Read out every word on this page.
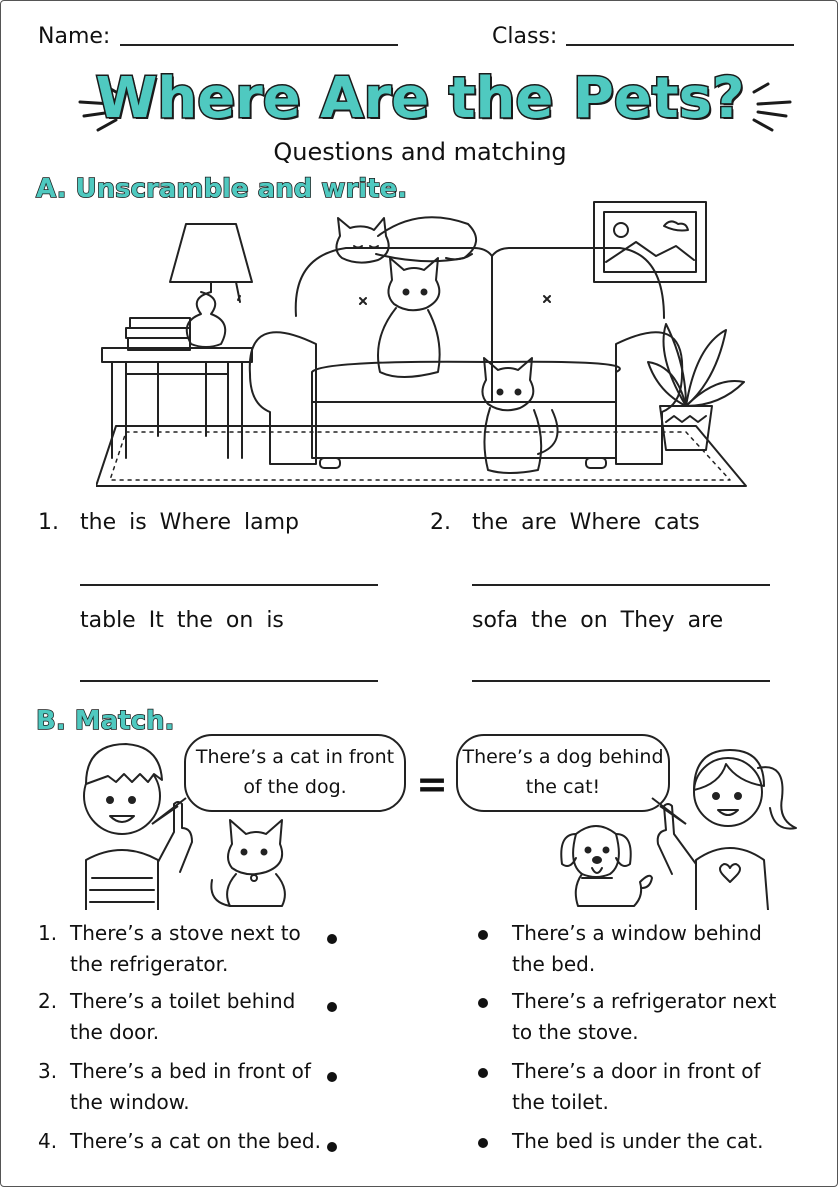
Name:	Class:
Where Are the Pets?
Questions and matching
A. Unscramble and write.
1. the is Where lamp
table It the on is
2. the are Where cats
sofa the on They are
B. Match.
There’s a cat in front
of the dog.	=
There’s a dog behind
the cat!
1. There’s a stove next to
the refrigerator.
2. There’s a toilet behind
the door.
3. There’s a bed in front of
the window.
4. There’s a cat on the bed.
There’s a window behind
the bed.
There’s a refrigerator next
to the stove.
There’s a door in front of
the toilet.
The bed is under the cat.
